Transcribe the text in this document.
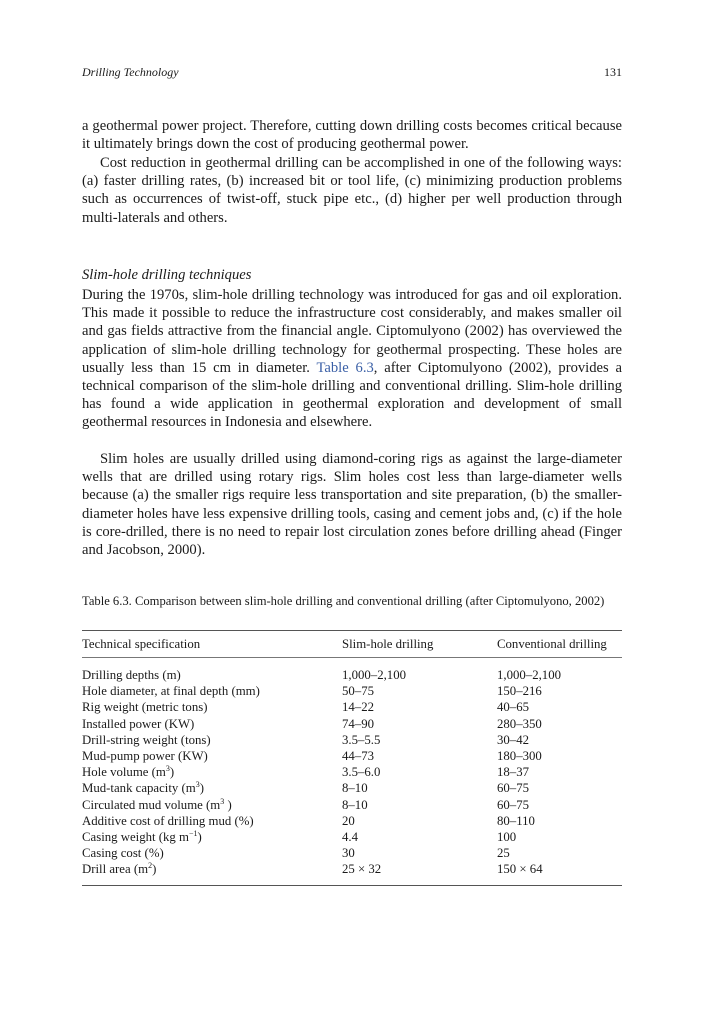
Drilling Technology	131

a geothermal power project. Therefore, cutting down drilling costs becomes critical because it ultimately brings down the cost of producing geothermal power.

Cost reduction in geothermal drilling can be accomplished in one of the following ways: (a) faster drilling rates, (b) increased bit or tool life, (c) minimizing production problems such as occurrences of twist-off, stuck pipe etc., (d) higher per well production through multi-laterals and others.

Slim-hole drilling techniques

During the 1970s, slim-hole drilling technology was introduced for gas and oil exploration. This made it possible to reduce the infrastructure cost considerably, and makes smaller oil and gas fields attractive from the financial angle. Ciptomulyono (2002) has overviewed the application of slim-hole drilling technology for geothermal prospecting. These holes are usually less than 15 cm in diameter. Table 6.3, after Ciptomulyono (2002), provides a technical comparison of the slim-hole drilling and conventional drilling. Slim-hole drilling has found a wide application in geothermal exploration and development of small geothermal resources in Indonesia and elsewhere.

Slim holes are usually drilled using diamond-coring rigs as against the large-diameter wells that are drilled using rotary rigs. Slim holes cost less than large-diameter wells because (a) the smaller rigs require less transportation and site preparation, (b) the smaller-diameter holes have less expensive drilling tools, casing and cement jobs and, (c) if the hole is core-drilled, there is no need to repair lost circulation zones before drilling ahead (Finger and Jacobson, 2000).

Table 6.3. Comparison between slim-hole drilling and conventional drilling (after Ciptomulyono, 2002)
Technical specification	Slim-hole drilling	Conventional drilling
Drilling depths (m)	1,000–2,100	1,000–2,100
Hole diameter, at final depth (mm)	50–75	150–216
Rig weight (metric tons)	14–22	40–65
Installed power (KW)	74–90	280–350
Drill-string weight (tons)	3.5–5.5	30–42
Mud-pump power (KW)	44–73	180–300
Hole volume $(m^3)$	3.5–6.0	18–37
Mud-tank capacity $(m^3)$	8–10	60–75
Circulated mud volume ($m^3$ )	8–10	60–75
Additive cost of drilling mud (%)	20	80–110
Casing weight (kg $m^{-1}$)	4.4	100
Casing cost (%)	30	25
Drill area $(m^2)$	25 × 32	150 × 64
